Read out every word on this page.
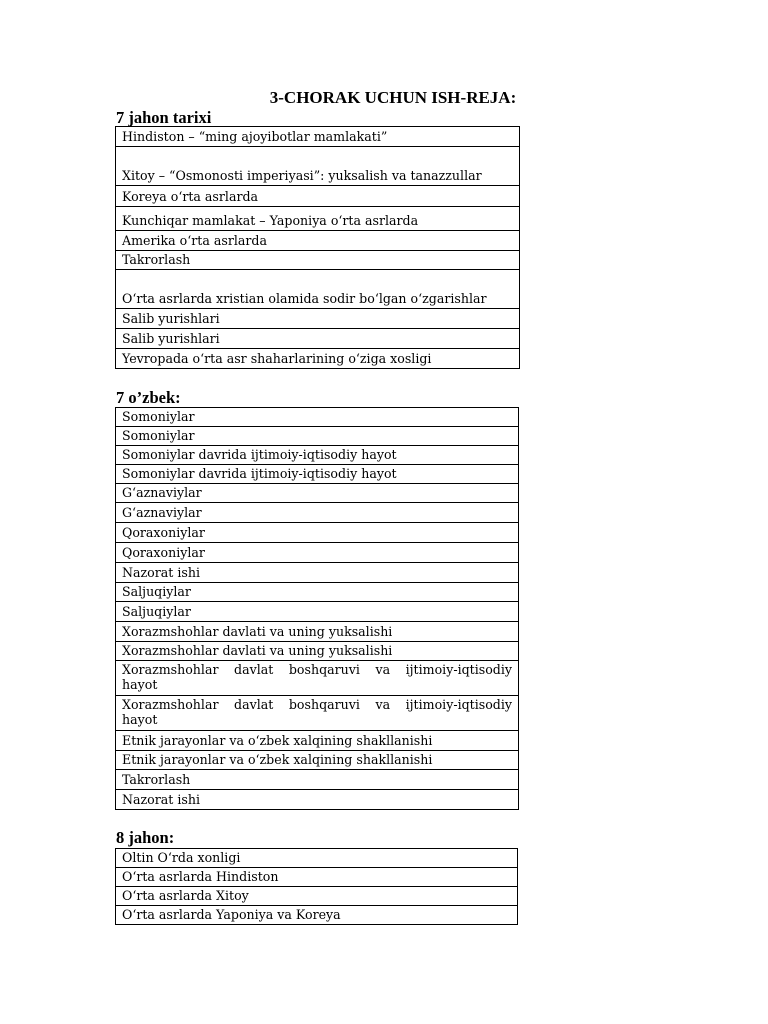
3-CHORAK UCHUN ISH-REJA:
7 jahon tarixi
Hindiston – “ming ajoyibotlar mamlakati”
Xitoy – “Osmonosti imperiyasi”: yuksalish va tanazzullar
Koreya o‘rta asrlarda
Kunchiqar mamlakat – Yaponiya o‘rta asrlarda
Amerika o‘rta asrlarda
Takrorlash
O‘rta asrlarda xristian olamida sodir bo‘lgan o‘zgarishlar
Salib yurishlari
Salib yurishlari
Yevropada o‘rta asr shaharlarining o‘ziga xosligi
7 o’zbek:
Somoniylar
Somoniylar
Somoniylar davrida ijtimoiy-iqtisodiy hayot
Somoniylar davrida ijtimoiy-iqtisodiy hayot
G‘aznaviylar
G‘aznaviylar
Qoraxoniylar
Qoraxoniylar
Nazorat ishi
Saljuqiylar
Saljuqiylar
Xorazmshohlar davlati va uning yuksalishi
Xorazmshohlar davlati va uning yuksalishi
Xorazmshohlar davlat boshqaruvi va ijtimoiy-iqtisodiy hayot
Xorazmshohlar davlat boshqaruvi va ijtimoiy-iqtisodiy hayot
Etnik jarayonlar va o‘zbek xalqining shakllanishi
Etnik jarayonlar va o‘zbek xalqining shakllanishi
Takrorlash
Nazorat ishi
8 jahon:
Oltin O‘rda xonligi
O‘rta asrlarda Hindiston
O‘rta asrlarda Xitoy
O‘rta asrlarda Yaponiya va Koreya
